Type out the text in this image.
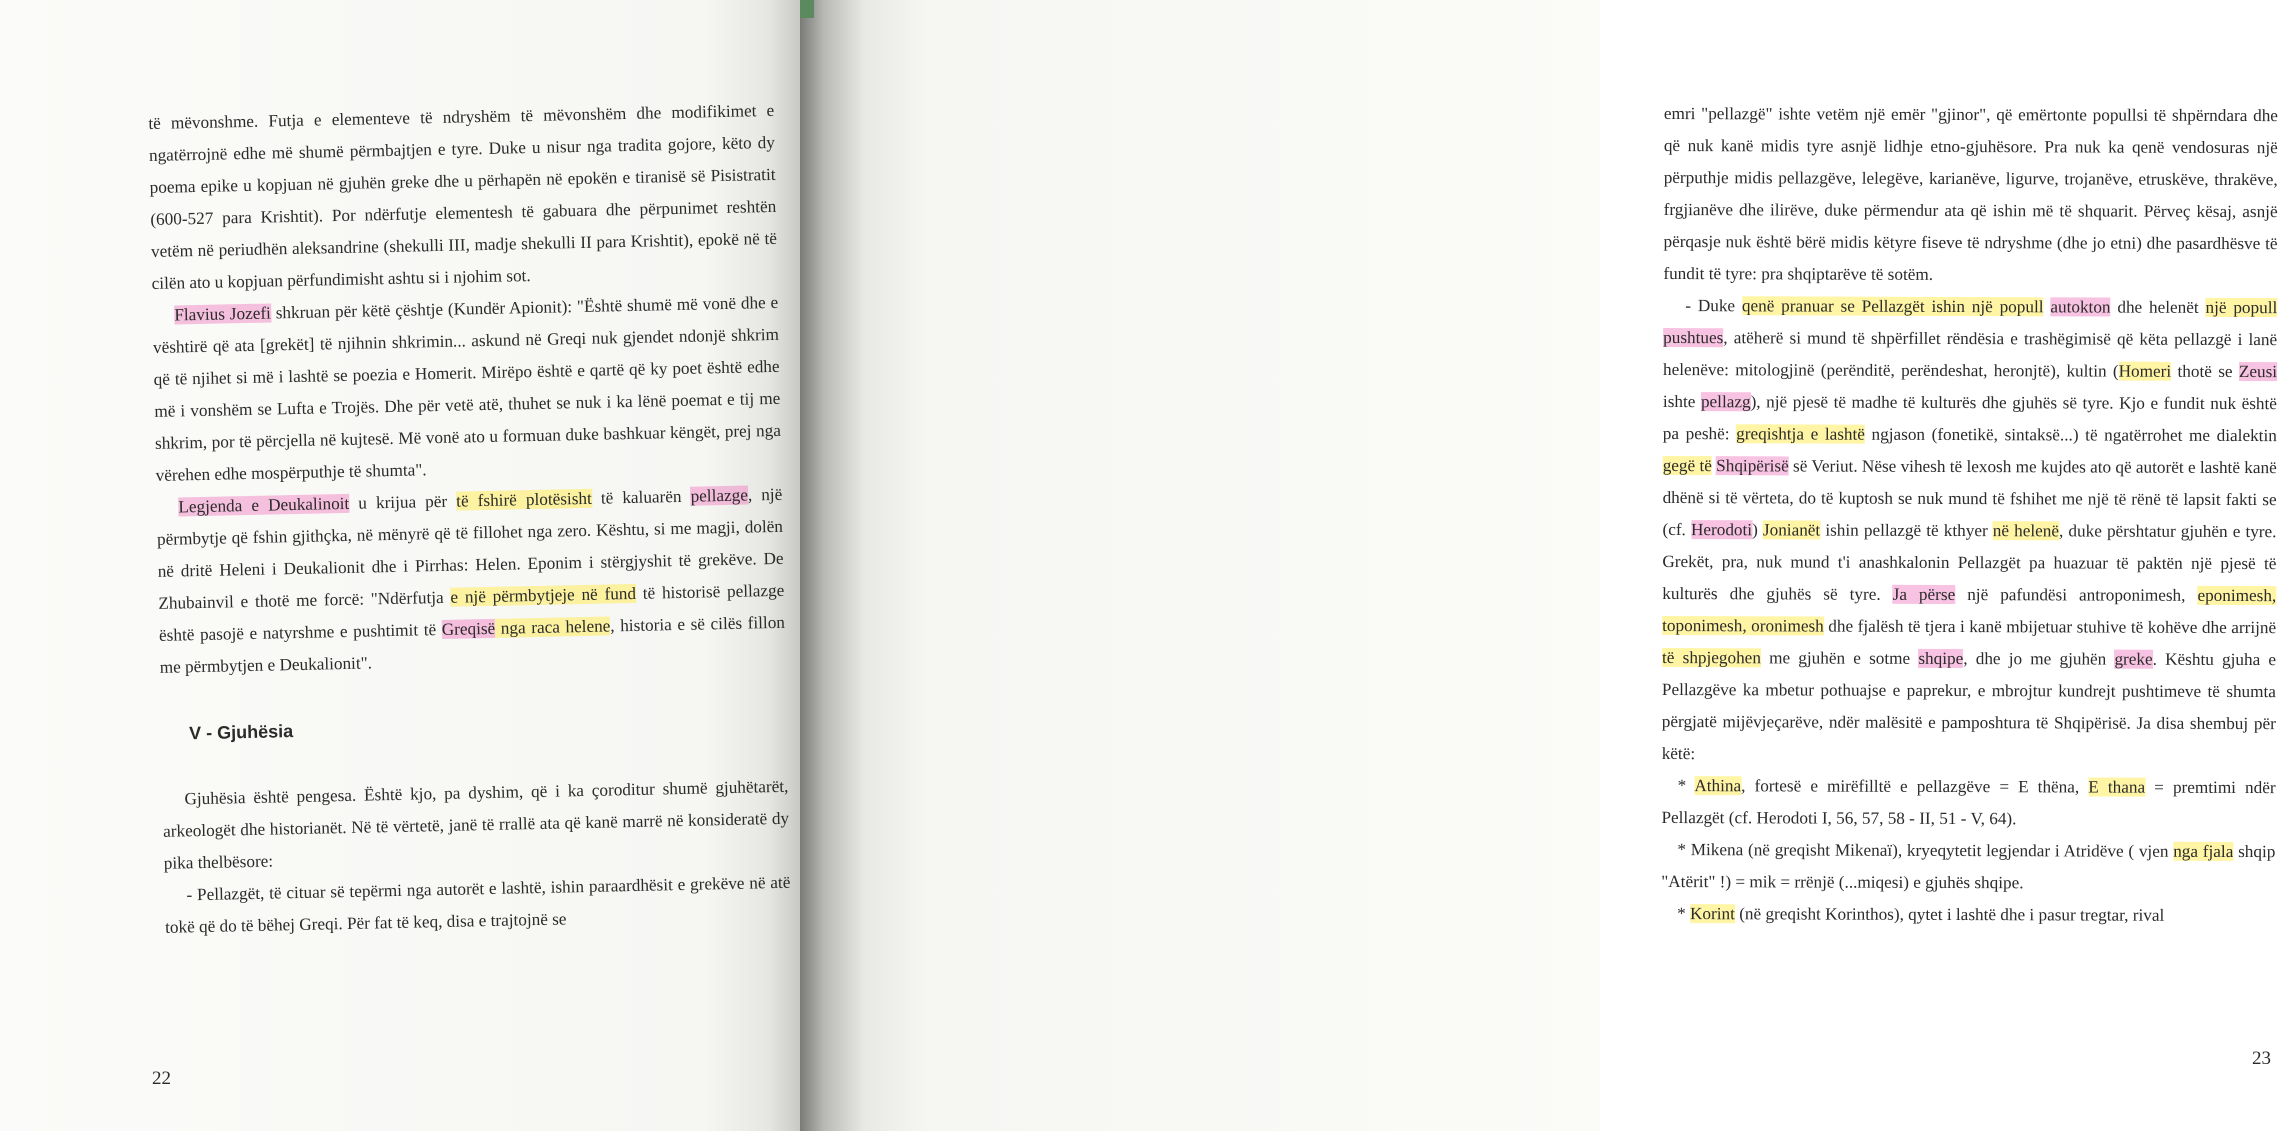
të mëvonshme. Futja e elementeve të ndryshëm të mëvonshëm dhe modifikimet e ngatërrojnë edhe më shumë përmbajtjen e tyre. Duke u nisur nga tradita gojore, këto dy poema epike u kopjuan në gjuhën greke dhe u përhapën në epokën e tiranisë së Pisistratit (600-527 para Krishtit). Por ndërfutje elementesh të gabuara dhe përpunimet reshtën vetëm në periudhën aleksandrine (shekulli III, madje shekulli II para Krishtit), epokë në të cilën ato u kopjuan përfundimisht ashtu si i njohim sot.

Flavius Jozefi shkruan për këtë çështje (Kundër Apionit): "Është shumë më vonë dhe e vështirë që ata [grekët] të njihnin shkrimin... askund në Greqi nuk gjendet ndonjë shkrim që të njihet si më i lashtë se poezia e Homerit. Mirëpo është e qartë që ky poet është edhe më i vonshëm se Lufta e Trojës. Dhe për vetë atë, thuhet se nuk i ka lënë poemat e tij me shkrim, por të përcjella në kujtesë. Më vonë ato u formuan duke bashkuar këngët, prej nga vërehen edhe mospërputhje të shumta".

Legjenda e Deukalinoit u krijua për të fshirë plotësisht të kaluarën pellazge, një përmbytje që fshin gjithçka, në mënyrë që të fillohet nga zero. Kështu, si me magji, dolën në dritë Heleni i Deukalionit dhe i Pirrhas: Helen. Eponim i stërgjyshit të grekëve. De Zhubainvil e thotë me forcë: "Ndërfutja e një përmbytjeje në fund të historisë pellazge është pasojë e natyrshme e pushtimit të Greqisë nga raca helene, historia e së cilës fillon me përmbytjen e Deukalionit".

V - Gjuhësia

Gjuhësia është pengesa. Është kjo, pa dyshim, që i ka çoroditur shumë gjuhëtarët, arkeologët dhe historianët. Në të vërtetë, janë të rrallë ata që kanë marrë në konsideratë dy pika thelbësore:

- Pellazgët, të cituar së tepërmi nga autorët e lashtë, ishin paraardhësit e grekëve në atë tokë që do të bëhej Greqi. Për fat të keq, disa e trajtojnë se

22

emri "pellazgë" ishte vetëm një emër "gjinor", që emërtonte popullsi të shpërndara dhe që nuk kanë midis tyre asnjë lidhje etno-gjuhësore. Pra nuk ka qenë vendosuras një përputhje midis pellazgëve, lelegëve, karianëve, ligurve, trojanëve, etruskëve, thrakëve, frgjianëve dhe ilirëve, duke përmendur ata që ishin më të shquarit. Përveç kësaj, asnjë përqasje nuk është bërë midis këtyre fiseve të ndryshme (dhe jo etni) dhe pasardhësve të fundit të tyre: pra shqiptarëve të sotëm.

- Duke qenë pranuar se Pellazgët ishin një popull autokton dhe helenët një popull pushtues, atëherë si mund të shpërfillet rëndësia e trashëgimisë që këta pellazgë i lanë helenëve: mitologjinë (perënditë, perëndeshat, heronjtë), kultin (Homeri thotë se Zeusi ishte pellazg), një pjesë të madhe të kulturës dhe gjuhës së tyre. Kjo e fundit nuk është pa peshë: greqishtja e lashtë ngjason (fonetikë, sintaksë...) të ngatërrohet me dialektin gegë të Shqipërisë së Veriut. Nëse vihesh të lexosh me kujdes ato që autorët e lashtë kanë dhënë si të vërteta, do të kuptosh se nuk mund të fshihet me një të rënë të lapsit fakti se (cf. Herodoti) Jonianët ishin pellazgë të kthyer në helenë, duke përshtatur gjuhën e tyre. Grekët, pra, nuk mund t'i anashkalonin Pellazgët pa huazuar të paktën një pjesë të kulturës dhe gjuhës së tyre. Ja përse një pafundësi antroponimesh, eponimesh, toponimesh, oronimesh dhe fjalësh të tjera i kanë mbijetuar stuhive të kohëve dhe arrijnë të shpjegohen me gjuhën e sotme shqipe, dhe jo me gjuhën greke. Kështu gjuha e Pellazgëve ka mbetur pothuajse e paprekur, e mbrojtur kundrejt pushtimeve të shumta përgjatë mijëvjeçarëve, ndër malësitë e pamposhtura të Shqipërisë. Ja disa shembuj për këtë:

* Athina, fortesë e mirëfilltë e pellazgëve = E thëna, E thana = premtimi ndër Pellazgët (cf. Herodoti I, 56, 57, 58 - II, 51 - V, 64).

* Mikena (në greqisht Mikenaï), kryeqytetit legjendar i Atridëve ( vjen nga fjala shqip "Atërit" !) = mik = rrënjë (...miqesi) e gjuhës shqipe.

* Korint (në greqisht Korinthos), qytet i lashtë dhe i pasur tregtar, rival

23
